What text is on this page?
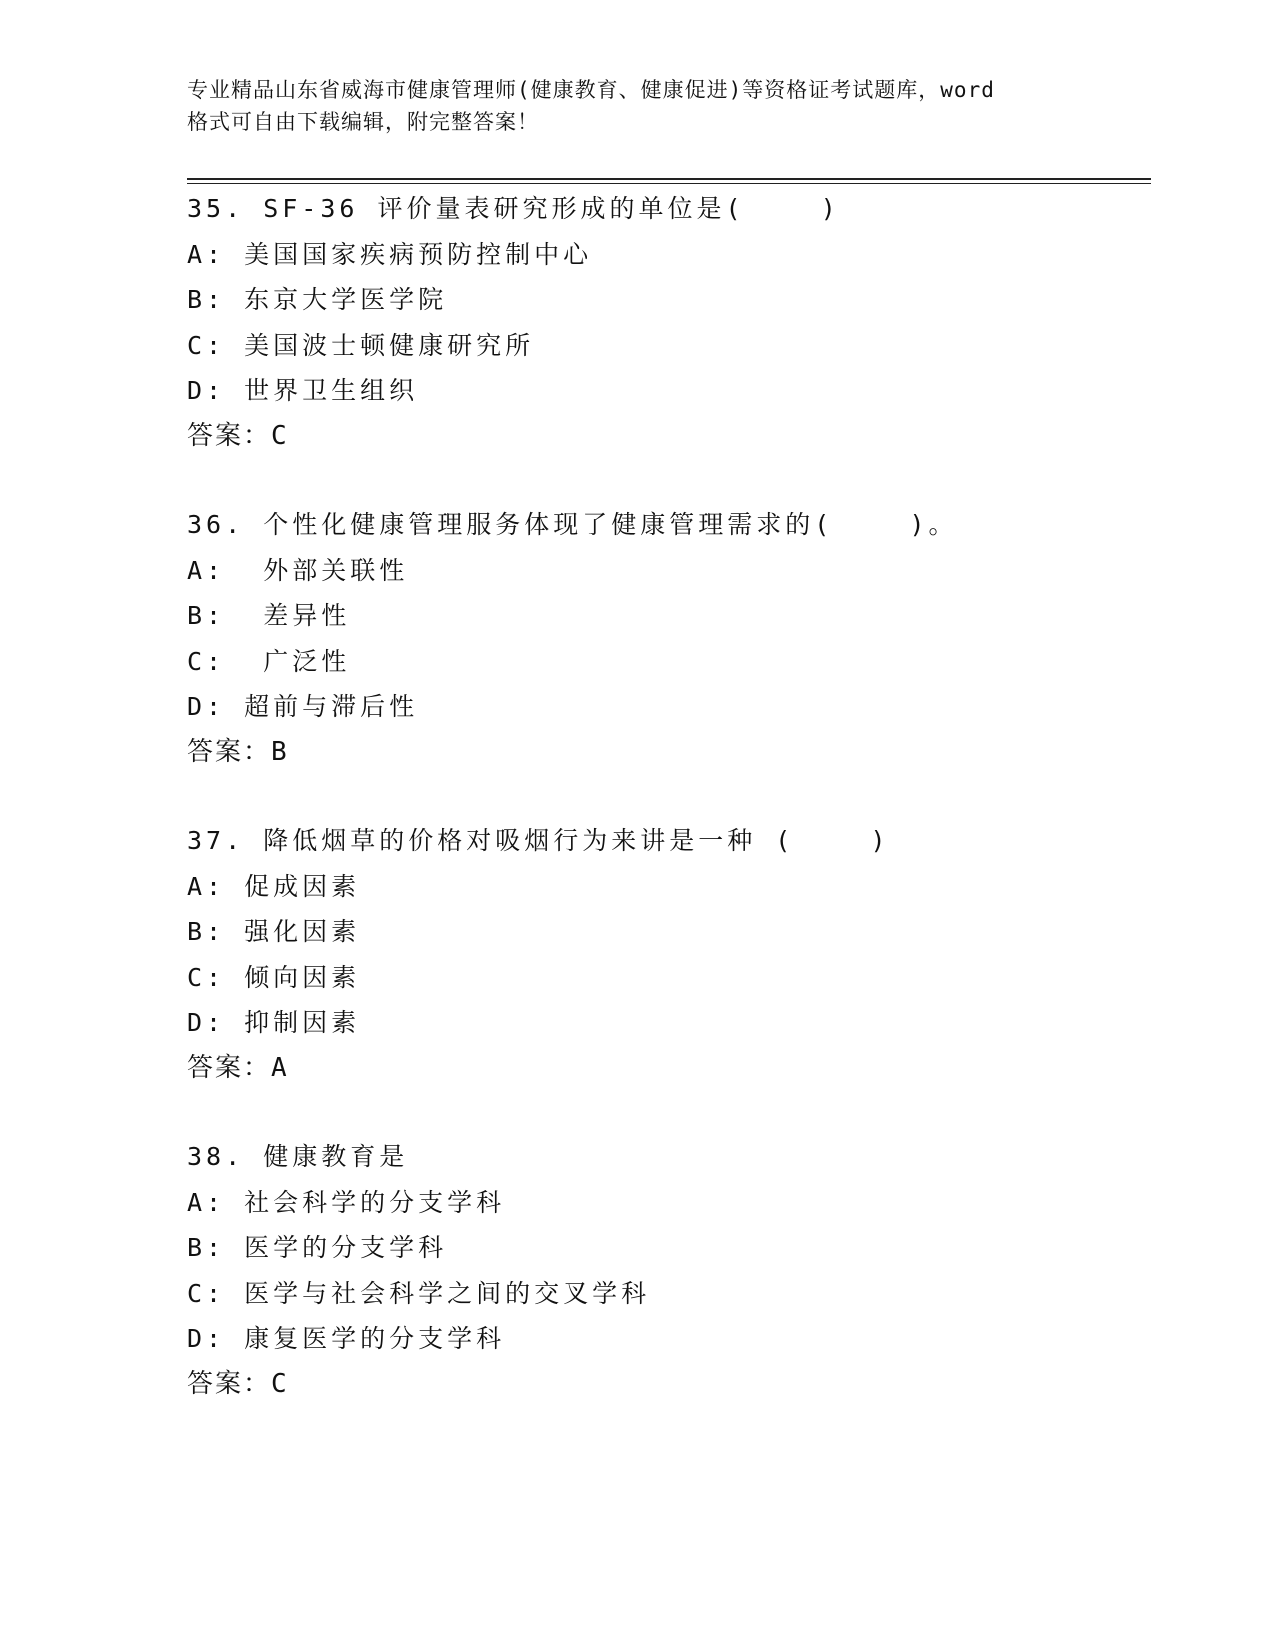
专业精品山东省威海市健康管理师(健康教育、健康促进)等资格证考试题库，word
格式可自由下载编辑，附完整答案！
35. SF-36 评价量表研究形成的单位是(    )
A: 美国国家疾病预防控制中心
B: 东京大学医学院
C: 美国波士顿健康研究所
D: 世界卫生组织
答案：C
36. 个性化健康管理服务体现了健康管理需求的(    )。
A:  外部关联性
B:  差异性
C:  广泛性
D: 超前与滞后性
答案：B
37. 降低烟草的价格对吸烟行为来讲是一种 (    )
A: 促成因素
B: 强化因素
C: 倾向因素
D: 抑制因素
答案：A
38. 健康教育是
A: 社会科学的分支学科
B: 医学的分支学科
C: 医学与社会科学之间的交叉学科
D: 康复医学的分支学科
答案：C
